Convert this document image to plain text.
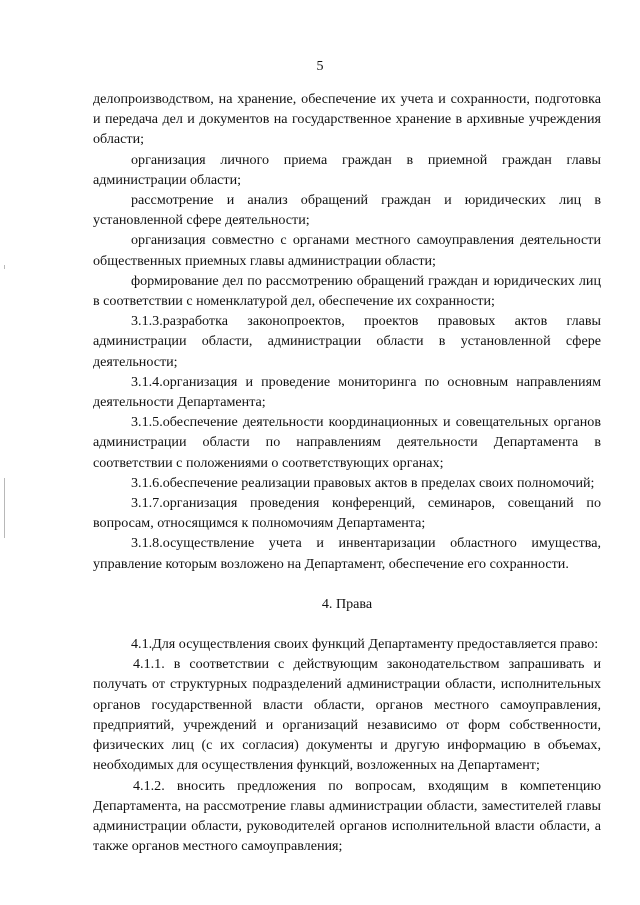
5

делопроизводством, на хранение, обеспечение их учета и сохранности, подготовка и передача дел и документов на государственное хранение в архивные учреждения области;

организация личного приема граждан в приемной граждан главы администрации области;

рассмотрение и анализ обращений граждан и юридических лиц в установленной сфере деятельности;

организация совместно с органами местного самоуправления деятельности общественных приемных главы администрации области;

формирование дел по рассмотрению обращений граждан и юридических лиц в соответствии с номенклатурой дел, обеспечение их сохранности;

3.1.3.разработка законопроектов, проектов правовых актов главы администрации области, администрации области в установленной сфере деятельности;

3.1.4.организация и проведение мониторинга по основным направлениям деятельности Департамента;

3.1.5.обеспечение деятельности координационных и совещательных органов администрации области по направлениям деятельности Департамента в соответствии с положениями о соответствующих органах;

3.1.6.обеспечение реализации правовых актов в пределах своих полномочий;

3.1.7.организация проведения конференций, семинаров, совещаний по вопросам, относящимся к полномочиям Департамента;

3.1.8.осуществление учета и инвентаризации областного имущества, управление которым возложено на Департамент, обеспечение его сохранности.

4. Права

4.1.Для осуществления своих функций Департаменту предоставляется право:

4.1.1. в соответствии с действующим законодательством запрашивать и получать от структурных подразделений администрации области, исполнительных органов государственной власти области, органов местного самоуправления, предприятий, учреждений и организаций независимо от форм собственности, физических лиц (с их согласия) документы и другую информацию в объемах, необходимых для осуществления функций, возложенных на Департамент;

4.1.2. вносить предложения по вопросам, входящим в компетенцию Департамента, на рассмотрение главы администрации области, заместителей главы администрации области, руководителей органов исполнительной власти области, а также органов местного самоуправления;
